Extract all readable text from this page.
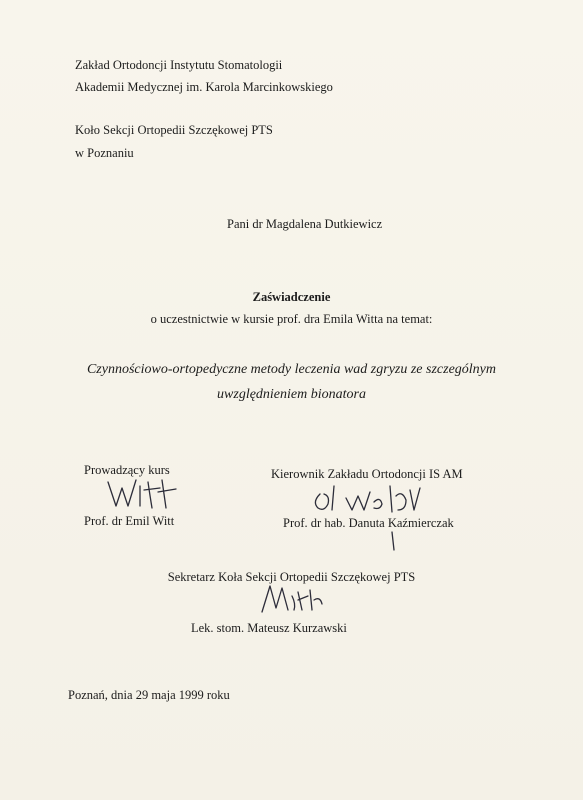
Zakład Ortodoncji Instytutu Stomatologii
Akademii Medycznej im. Karola Marcinkowskiego
Koło Sekcji Ortopedii Szczękowej PTS
w Poznaniu
Pani dr Magdalena Dutkiewicz
Zaświadczenie
o uczestnictwie w kursie prof. dra Emila Witta na temat:
Czynnościowo-ortopedyczne metody leczenia wad zgryzu ze szczególnym
uwzględnieniem bionatora
Prowadzący kurs
Prof. dr Emil Witt
Kierownik Zakładu Ortodoncji IS AM
Prof. dr hab. Danuta Kaźmierczak
Sekretarz Koła Sekcji Ortopedii Szczękowej PTS
Lek. stom. Mateusz Kurzawski
Poznań, dnia 29 maja 1999 roku
